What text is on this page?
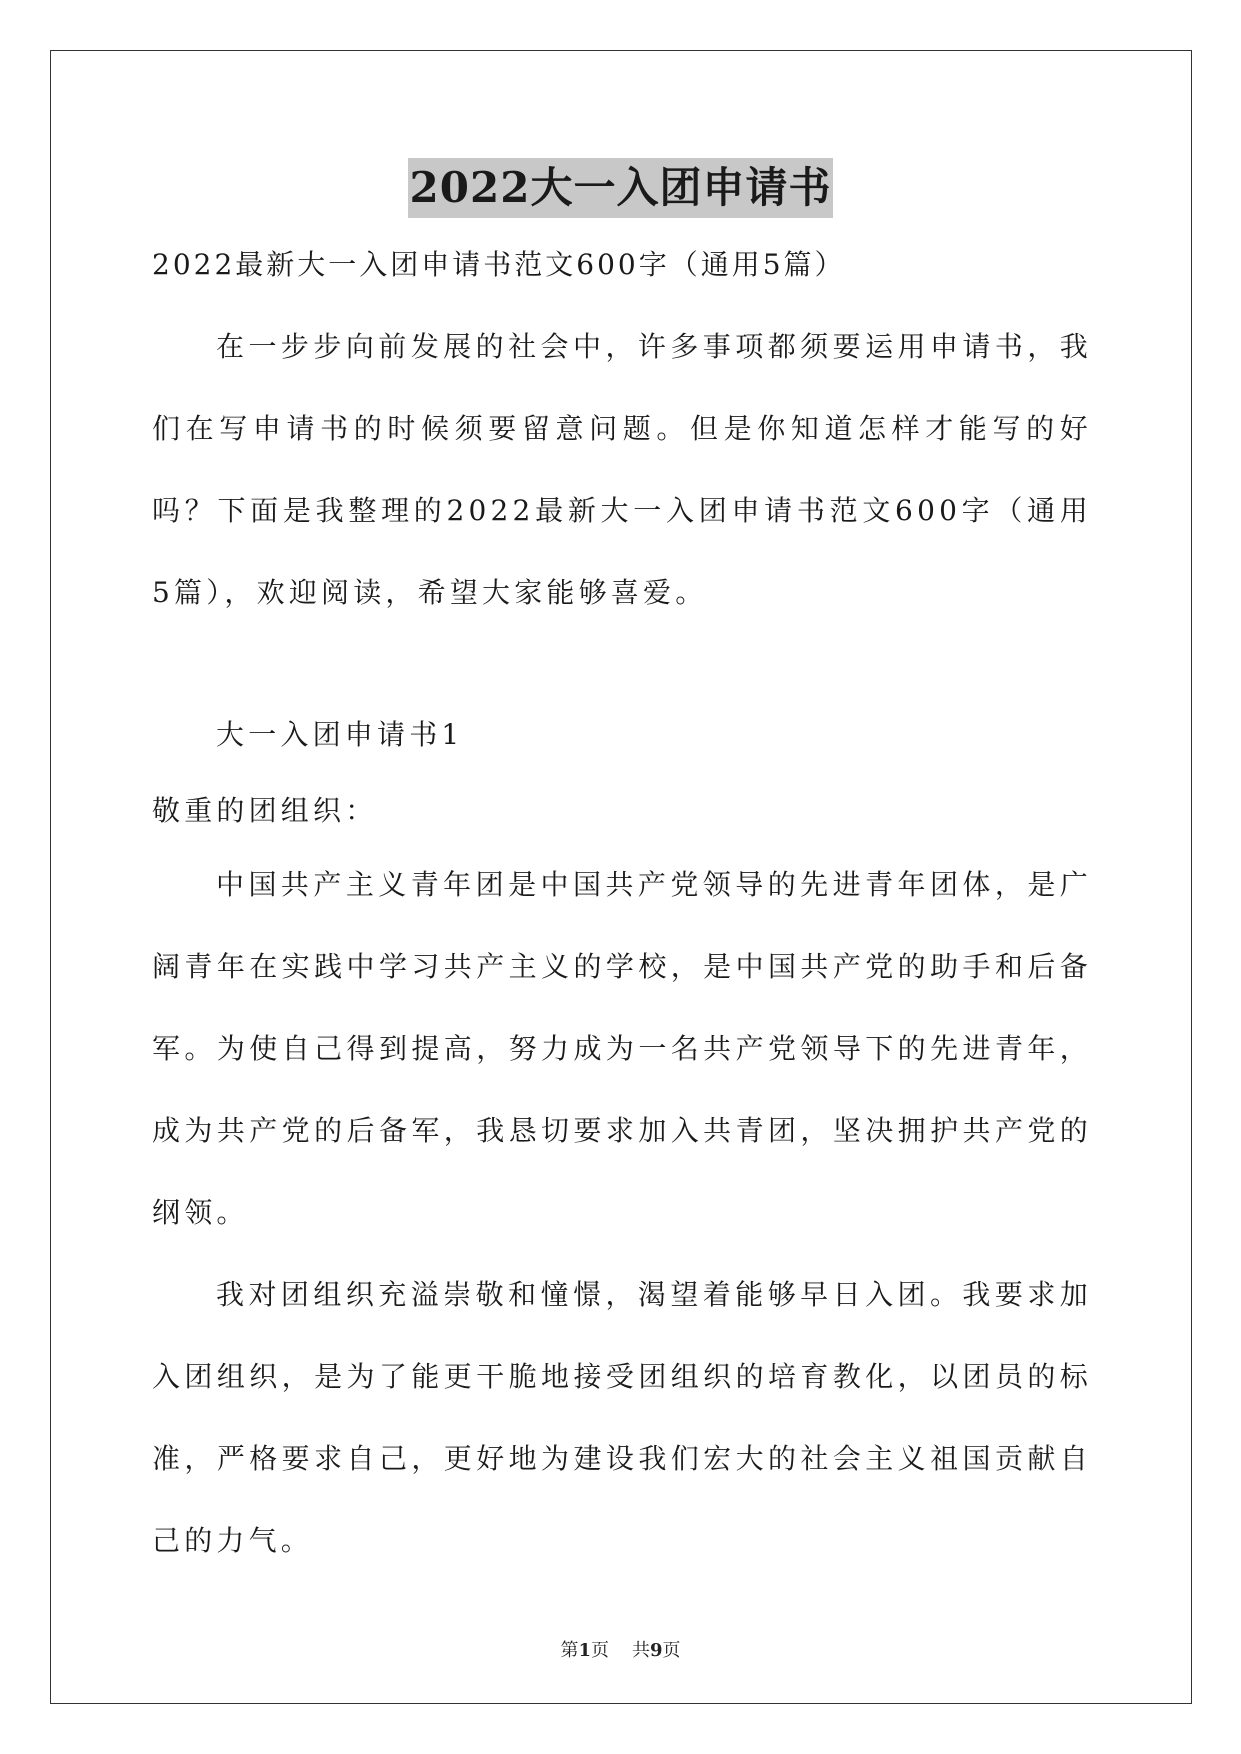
2022大一入团申请书

2022最新大一入团申请书范文600字（通用5篇）

在一步步向前发展的社会中，许多事项都须要运用申请书，我们在写申请书的时候须要留意问题。但是你知道怎样才能写的好吗？下面是我整理的2022最新大一入团申请书范文600字（通用5篇），欢迎阅读，希望大家能够喜爱。

大一入团申请书1

敬重的团组织：

中国共产主义青年团是中国共产党领导的先进青年团体，是广阔青年在实践中学习共产主义的学校，是中国共产党的助手和后备军。为使自己得到提高，努力成为一名共产党领导下的先进青年，成为共产党的后备军，我恳切要求加入共青团，坚决拥护共产党的纲领。

我对团组织充溢崇敬和憧憬，渴望着能够早日入团。我要求加入团组织，是为了能更干脆地接受团组织的培育教化，以团员的标准，严格要求自己，更好地为建设我们宏大的社会主义祖国贡献自己的力气。

第1页 共9页
